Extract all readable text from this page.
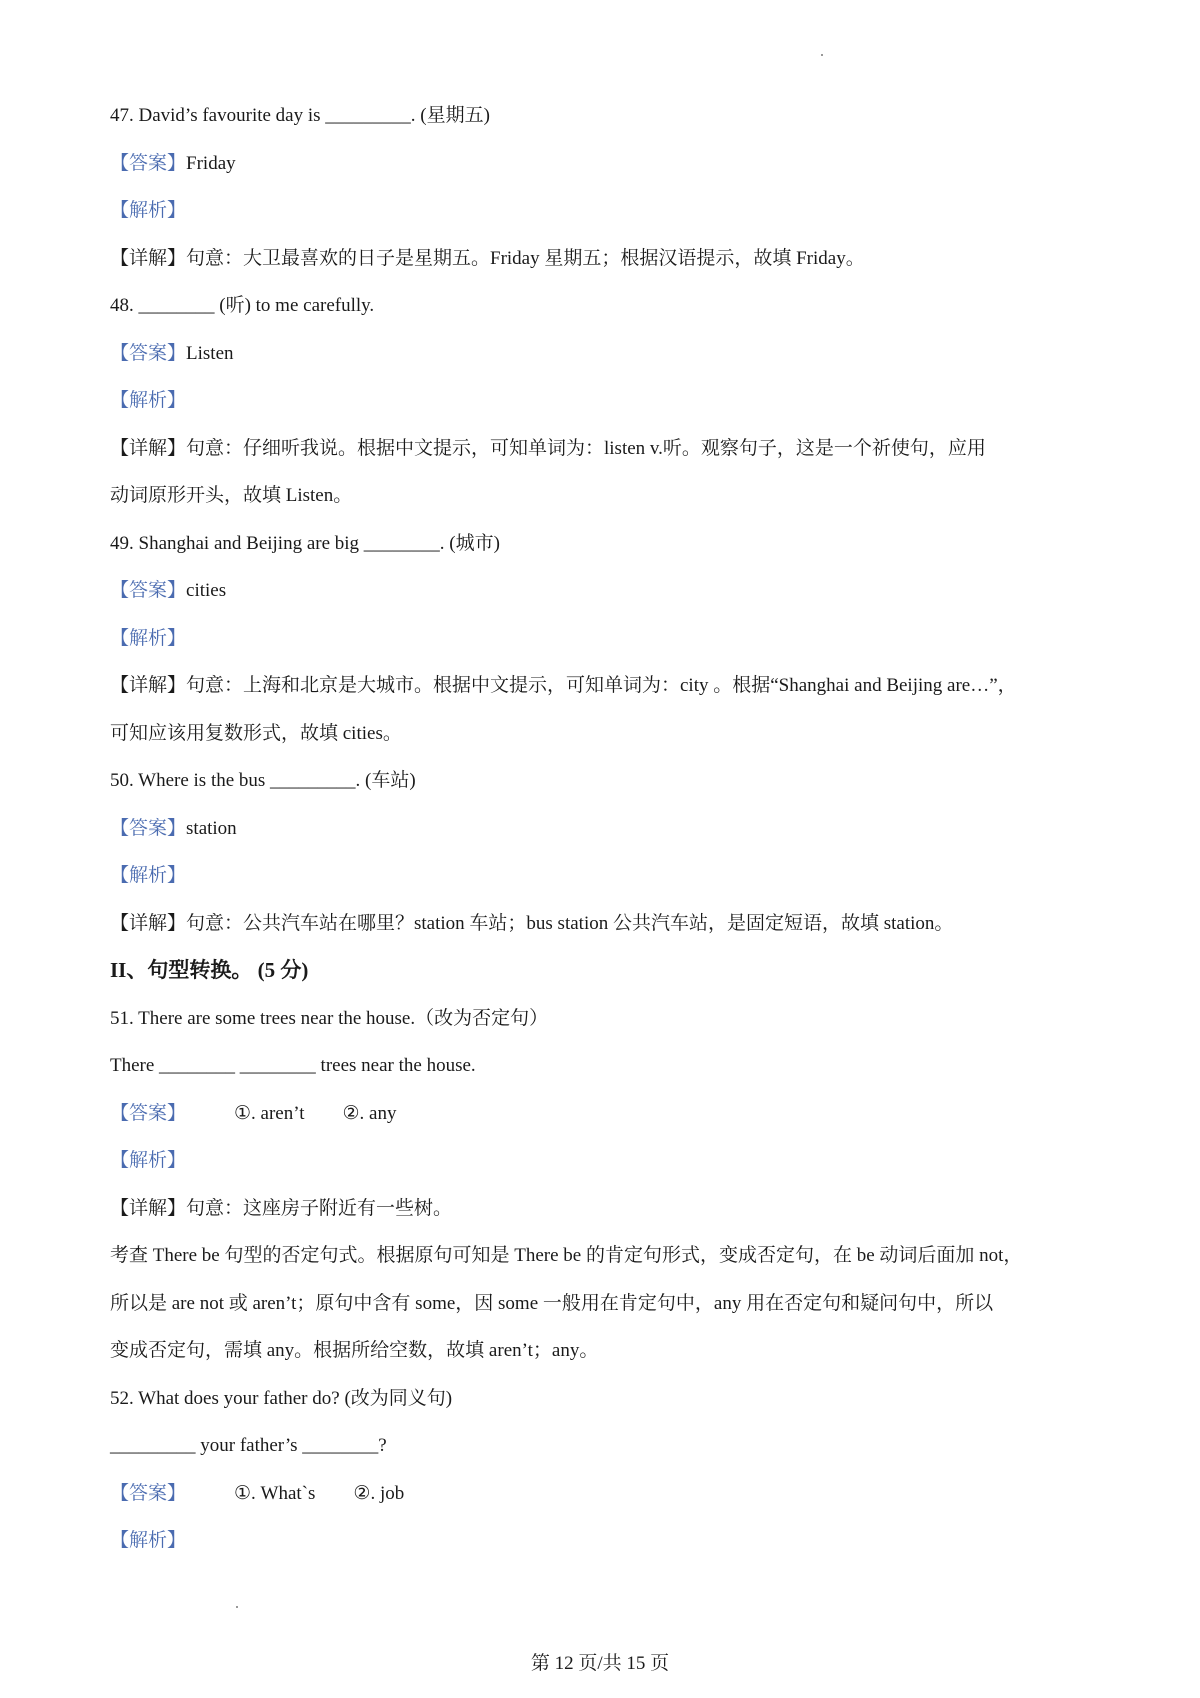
47. David’s favourite day is _________. (星期五)
【答案】Friday
【解析】
【详解】句意：大卫最喜欢的日子是星期五。Friday 星期五；根据汉语提示，故填 Friday。
48. ________ (听) to me carefully.
【答案】Listen
【解析】
【详解】句意：仔细听我说。根据中文提示，可知单词为：listen v.听。观察句子，这是一个祈使句，应用
动词原形开头，故填 Listen。
49. Shanghai and Beijing are big ________. (城市)
【答案】cities
【解析】
【详解】句意：上海和北京是大城市。根据中文提示，可知单词为：city 。根据“Shanghai and Beijing are…”，
可知应该用复数形式，故填 cities。
50. Where is the bus _________. (车站)
【答案】station
【解析】
【详解】句意：公共汽车站在哪里？station 车站；bus station 公共汽车站，是固定短语，故填 station。
II、句型转换。 (5 分)
51. There are some trees near the house.（改为否定句）
There ________ ________ trees near the house.
【答案】	①. aren’t ②. any
【解析】
【详解】句意：这座房子附近有一些树。
考查 There be 句型的否定句式。根据原句可知是 There be 的肯定句形式，变成否定句，在 be 动词后面加 not，
所以是 are not 或 aren’t；原句中含有 some，因 some 一般用在肯定句中，any 用在否定句和疑问句中，所以
变成否定句，需填 any。根据所给空数，故填 aren’t；any。
52. What does your father do? (改为同义句)
_________ your father’s ________?
【答案】	①. What`s ②. job
【解析】
第 12 页/共 15 页
